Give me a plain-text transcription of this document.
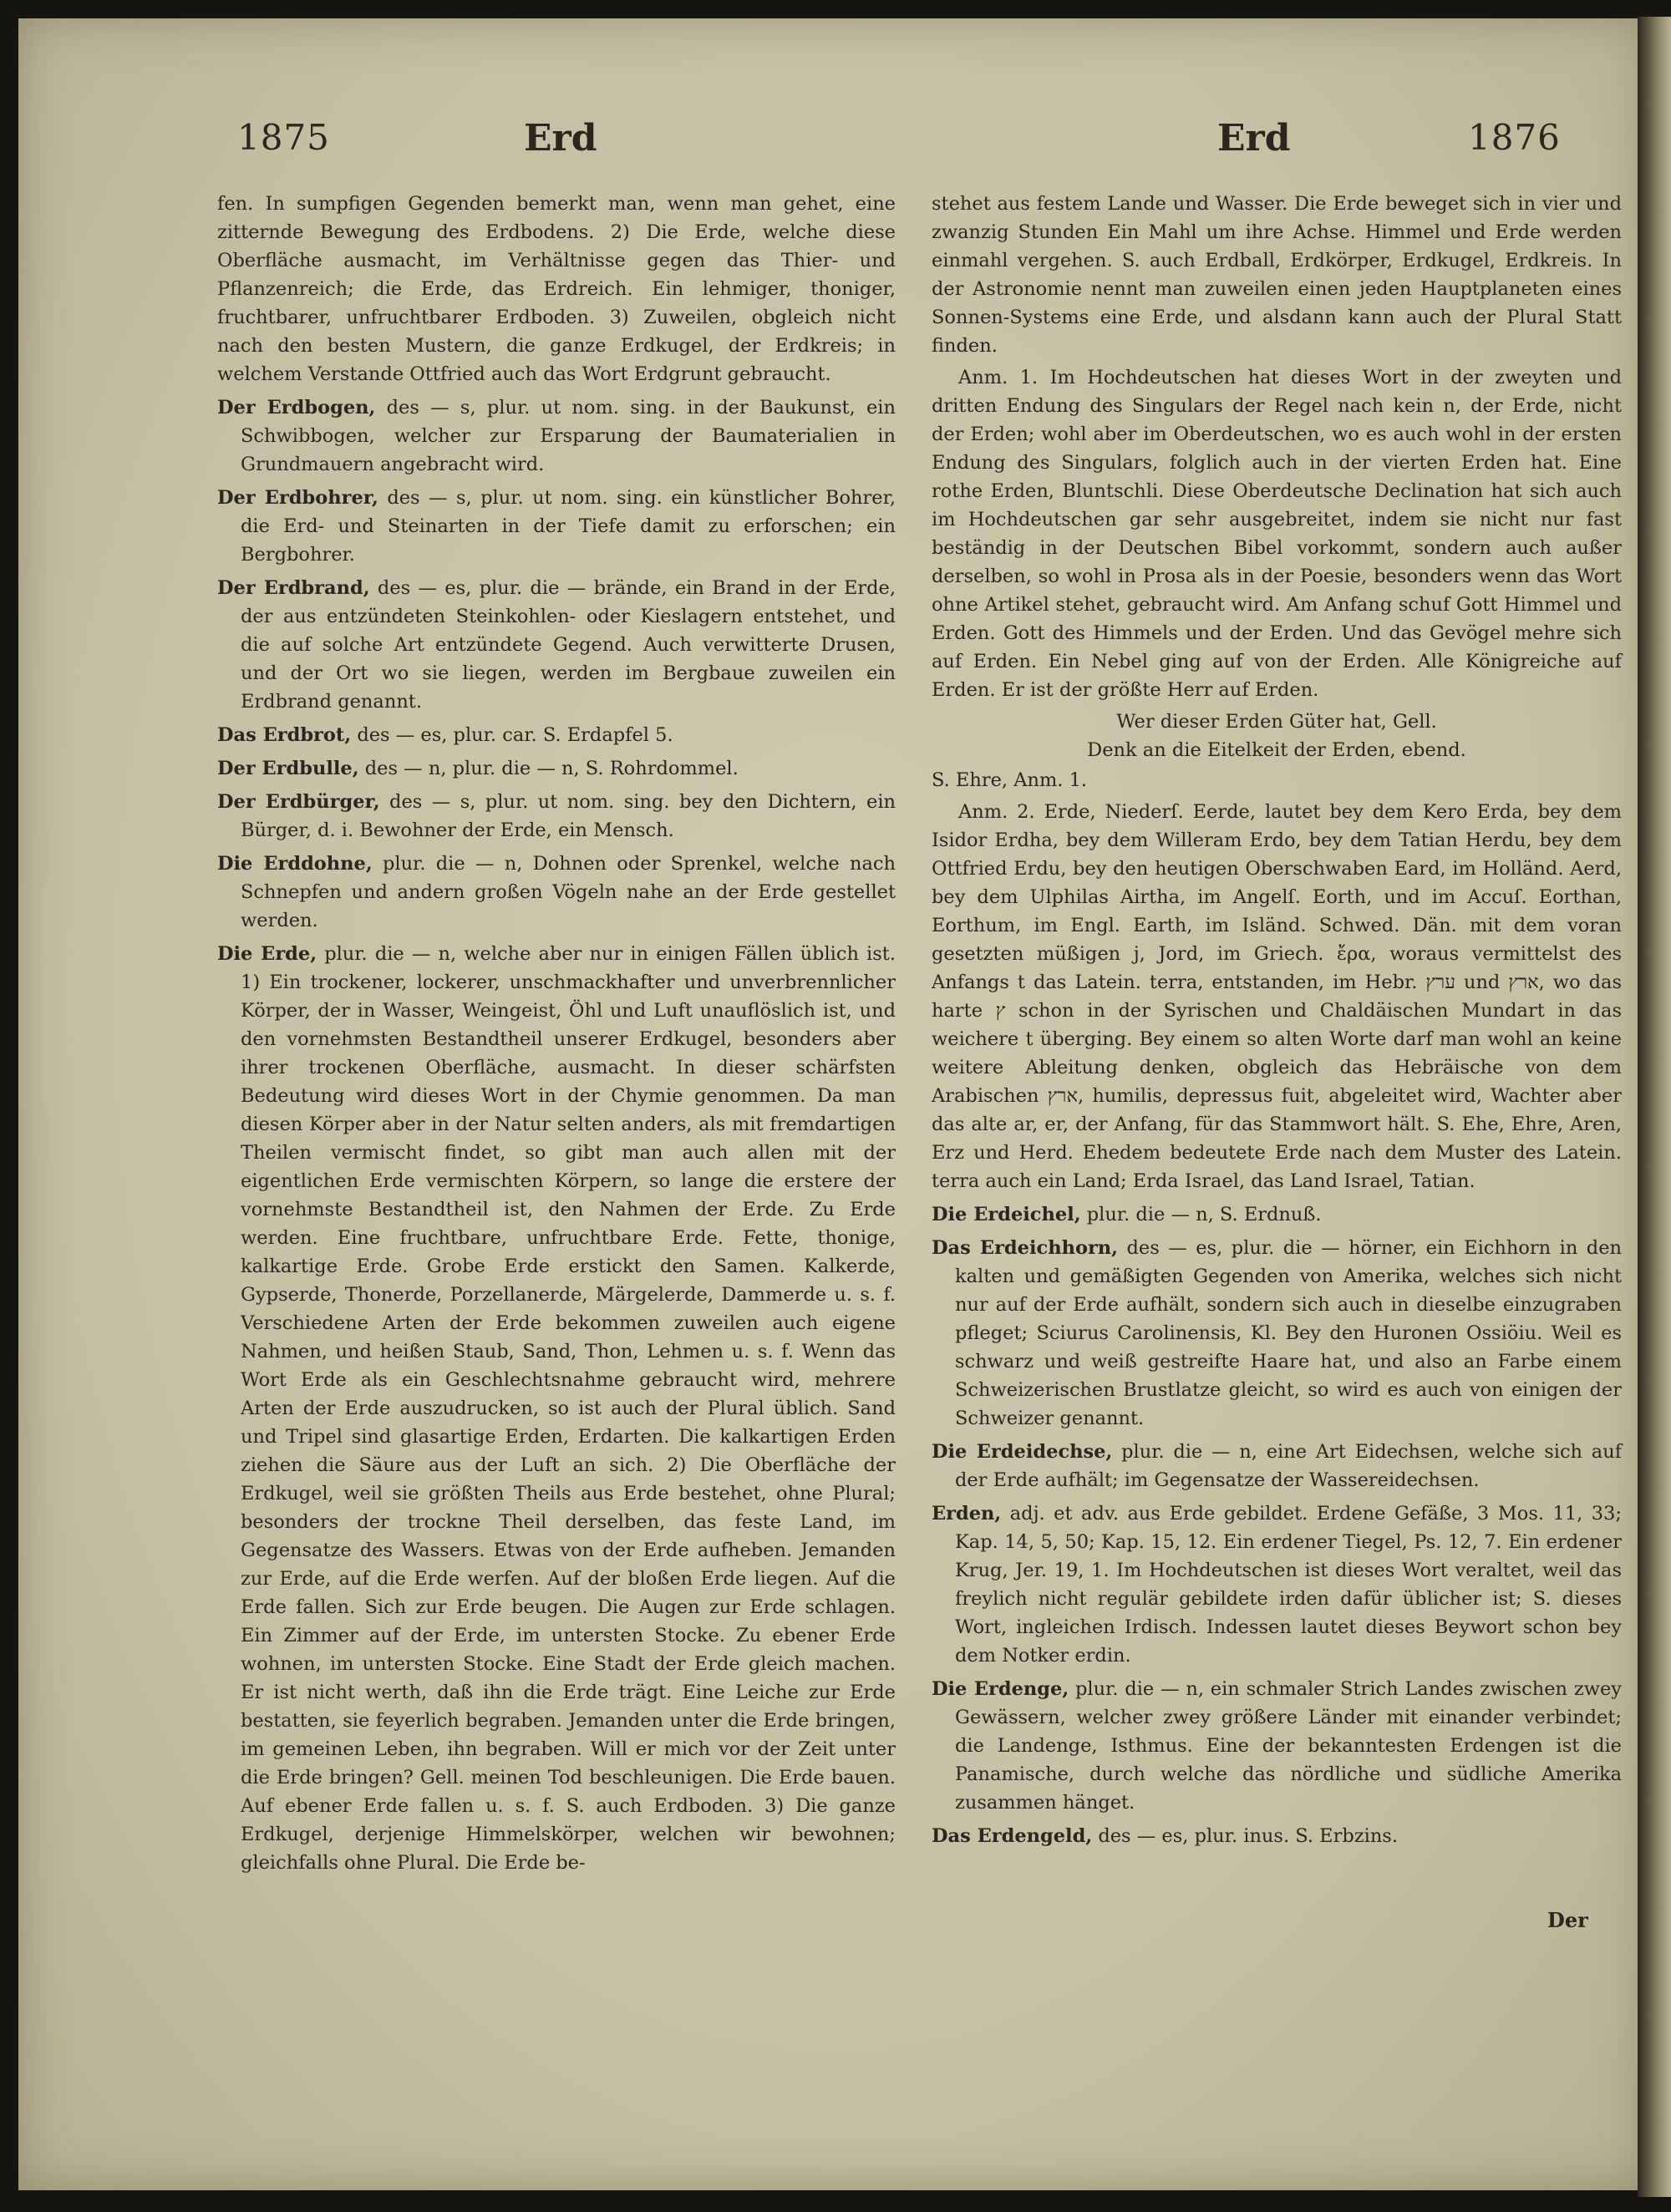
1875	Erd	Erd	1876

fen. In sumpfigen Gegenden bemerkt man, wenn man gehet, eine zitternde Bewegung des Erdbodens. 2) Die Erde, welche diese Oberfläche ausmacht, im Verhältnisse gegen das Thier- und Pflanzenreich; die Erde, das Erdreich. Ein lehmiger, thoniger, fruchtbarer, unfruchtbarer Erdboden. 3) Zuweilen, obgleich nicht nach den besten Mustern, die ganze Erdkugel, der Erdkreis; in welchem Verstande Ottfried auch das Wort Erdgrunt gebraucht.

Der Erdbogen, des — s, plur. ut nom. sing. in der Baukunst, ein Schwibbogen, welcher zur Ersparung der Baumaterialien in Grundmauern angebracht wird.

Der Erdbohrer, des — s, plur. ut nom. sing. ein künstlicher Bohrer, die Erd- und Steinarten in der Tiefe damit zu erforschen; ein Bergbohrer.

Der Erdbrand, des — es, plur. die — brände, ein Brand in der Erde, der aus entzündeten Steinkohlen- oder Kieslagern entstehet, und die auf solche Art entzündete Gegend. Auch verwitterte Drusen, und der Ort wo sie liegen, werden im Bergbaue zuweilen ein Erdbrand genannt.

Das Erdbrot, des — es, plur. car. S. Erdapfel 5.

Der Erdbulle, des — n, plur. die — n, S. Rohrdommel.

Der Erdbürger, des — s, plur. ut nom. sing. bey den Dichtern, ein Bürger, d. i. Bewohner der Erde, ein Mensch.

Die Erddohne, plur. die — n, Dohnen oder Sprenkel, welche nach Schnepfen und andern großen Vögeln nahe an der Erde gestellet werden.

Die Erde, plur. die — n, welche aber nur in einigen Fällen üblich ist. 1) Ein trockener, lockerer, unschmackhafter und unverbrennlicher Körper, der in Wasser, Weingeist, Öhl und Luft unauflöslich ist, und den vornehmsten Bestandtheil unserer Erdkugel, besonders aber ihrer trockenen Oberfläche, ausmacht. In dieser schärfsten Bedeutung wird dieses Wort in der Chymie genommen. Da man diesen Körper aber in der Natur selten anders, als mit fremdartigen Theilen vermischt findet, so gibt man auch allen mit der eigentlichen Erde vermischten Körpern, so lange die erstere der vornehmste Bestandtheil ist, den Nahmen der Erde. Zu Erde werden. Eine fruchtbare, unfruchtbare Erde. Fette, thonige, kalkartige Erde. Grobe Erde erstickt den Samen. Kalkerde, Gypserde, Thonerde, Porzellanerde, Märgelerde, Dammerde u. s. f. Verschiedene Arten der Erde bekommen zuweilen auch eigene Nahmen, und heißen Staub, Sand, Thon, Lehmen u. s. f. Wenn das Wort Erde als ein Geschlechtsnahme gebraucht wird, mehrere Arten der Erde auszudrucken, so ist auch der Plural üblich. Sand und Tripel sind glasartige Erden, Erdarten. Die kalkartigen Erden ziehen die Säure aus der Luft an sich. 2) Die Oberfläche der Erdkugel, weil sie größten Theils aus Erde bestehet, ohne Plural; besonders der trockne Theil derselben, das feste Land, im Gegensatze des Wassers. Etwas von der Erde aufheben. Jemanden zur Erde, auf die Erde werfen. Auf der bloßen Erde liegen. Auf die Erde fallen. Sich zur Erde beugen. Die Augen zur Erde schlagen. Ein Zimmer auf der Erde, im untersten Stocke. Zu ebener Erde wohnen, im untersten Stocke. Eine Stadt der Erde gleich machen. Er ist nicht werth, daß ihn die Erde trägt. Eine Leiche zur Erde bestatten, sie feyerlich begraben. Jemanden unter die Erde bringen, im gemeinen Leben, ihn begraben. Will er mich vor der Zeit unter die Erde bringen? Gell. meinen Tod beschleunigen. Die Erde bauen. Auf ebener Erde fallen u. s. f. S. auch Erdboden. 3) Die ganze Erdkugel, derjenige Himmelskörper, welchen wir bewohnen; gleichfalls ohne Plural. Die Erde be-

stehet aus festem Lande und Wasser. Die Erde beweget sich in vier und zwanzig Stunden Ein Mahl um ihre Achse. Himmel und Erde werden einmahl vergehen. S. auch Erdball, Erdkörper, Erdkugel, Erdkreis. In der Astronomie nennt man zuweilen einen jeden Hauptplaneten eines Sonnen-Systems eine Erde, und alsdann kann auch der Plural Statt finden.

Anm. 1. Im Hochdeutschen hat dieses Wort in der zweyten und dritten Endung des Singulars der Regel nach kein n, der Erde, nicht der Erden; wohl aber im Oberdeutschen, wo es auch wohl in der ersten Endung des Singulars, folglich auch in der vierten Erden hat. Eine rothe Erden, Bluntschli. Diese Oberdeutsche Declination hat sich auch im Hochdeutschen gar sehr ausgebreitet, indem sie nicht nur fast beständig in der Deutschen Bibel vorkommt, sondern auch außer derselben, so wohl in Prosa als in der Poesie, besonders wenn das Wort ohne Artikel stehet, gebraucht wird. Am Anfang schuf Gott Himmel und Erden. Gott des Himmels und der Erden. Und das Gevögel mehre sich auf Erden. Ein Nebel ging auf von der Erden. Alle Königreiche auf Erden. Er ist der größte Herr auf Erden.

Wer dieser Erden Güter hat, Gell.

Denk an die Eitelkeit der Erden, ebend.

S. Ehre, Anm. 1.

Anm. 2. Erde, Niederſ. Eerde, lautet bey dem Kero Erda, bey dem Isidor Erdha, bey dem Willeram Erdo, bey dem Tatian Herdu, bey dem Ottfried Erdu, bey den heutigen Oberschwaben Eard, im Holländ. Aerd, bey dem Ulphilas Airtha, im Angelſ. Eorth, und im Accuſ. Eorthan, Eorthum, im Engl. Earth, im Isländ. Schwed. Dän. mit dem voran gesetzten müßigen j, Jord, im Griech. ἔρα, woraus vermittelst des Anfangs t das Latein. terra, entstanden, im Hebr. ערץ und ארץ, wo das harte ץ schon in der Syrischen und Chaldäischen Mundart in das weichere t überging. Bey einem so alten Worte darf man wohl an keine weitere Ableitung denken, obgleich das Hebräische von dem Arabischen ארץ, humilis, depressus fuit, abgeleitet wird, Wachter aber das alte ar, er, der Anfang, für das Stammwort hält. S. Ehe, Ehre, Aren, Erz und Herd. Ehedem bedeutete Erde nach dem Muster des Latein. terra auch ein Land; Erda Israel, das Land Israel, Tatian.

Die Erdeichel, plur. die — n, S. Erdnuß.

Das Erdeichhorn, des — es, plur. die — hörner, ein Eichhorn in den kalten und gemäßigten Gegenden von Amerika, welches sich nicht nur auf der Erde aufhält, sondern sich auch in dieselbe einzugraben pfleget; Sciurus Carolinensis, Kl. Bey den Huronen Ossiöiu. Weil es schwarz und weiß gestreifte Haare hat, und also an Farbe einem Schweizerischen Brustlatze gleicht, so wird es auch von einigen der Schweizer genannt.

Die Erdeidechse, plur. die — n, eine Art Eidechsen, welche sich auf der Erde aufhält; im Gegensatze der Wassereidechsen.

Erden, adj. et adv. aus Erde gebildet. Erdene Gefäße, 3 Mos. 11, 33; Kap. 14, 5, 50; Kap. 15, 12. Ein erdener Tiegel, Ps. 12, 7. Ein erdener Krug, Jer. 19, 1. Im Hochdeutschen ist dieses Wort veraltet, weil das freylich nicht regulär gebildete irden dafür üblicher ist; S. dieses Wort, ingleichen Irdisch. Indessen lautet dieses Beywort schon bey dem Notker erdin.

Die Erdenge, plur. die — n, ein schmaler Strich Landes zwischen zwey Gewässern, welcher zwey größere Länder mit einander verbindet; die Landenge, Isthmus. Eine der bekanntesten Erdengen ist die Panamische, durch welche das nördliche und südliche Amerika zusammen hänget.

Das Erdengeld, des — es, plur. inus. S. Erbzins.

Der
